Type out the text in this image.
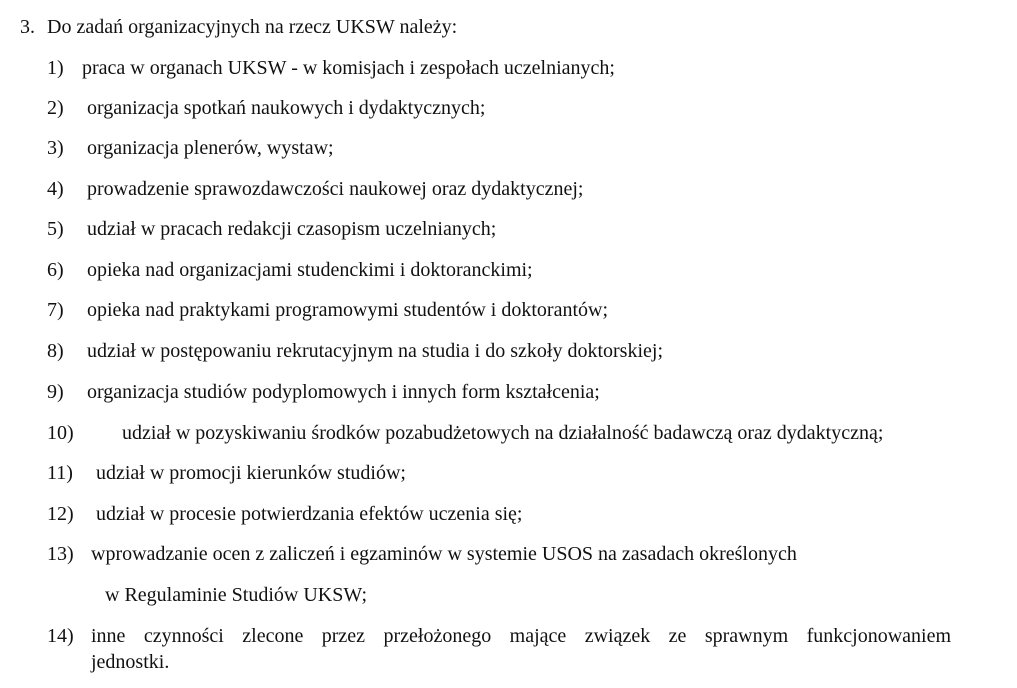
3. Do zadań organizacyjnych na rzecz UKSW należy:
1) praca w organach UKSW - w komisjach i zespołach uczelnianych;
2) organizacja spotkań naukowych i dydaktycznych;
3) organizacja plenerów, wystaw;
4) prowadzenie sprawozdawczości naukowej oraz dydaktycznej;
5) udział w pracach redakcji czasopism uczelnianych;
6) opieka nad organizacjami studenckimi i doktoranckimi;
7) opieka nad praktykami programowymi studentów i doktorantów;
8) udział w postępowaniu rekrutacyjnym na studia i do szkoły doktorskiej;
9) organizacja studiów podyplomowych i innych form kształcenia;
10) udział w pozyskiwaniu środków pozabudżetowych na działalność badawczą oraz dydaktyczną;
11) udział w promocji kierunków studiów;
12) udział w procesie potwierdzania efektów uczenia się;
13) wprowadzanie ocen z zaliczeń i egzaminów w systemie USOS na zasadach określonych
w Regulaminie Studiów UKSW;
14) inne czynności zlecone przez przełożonego mające związek ze sprawnym funkcjonowaniem
jednostki.
